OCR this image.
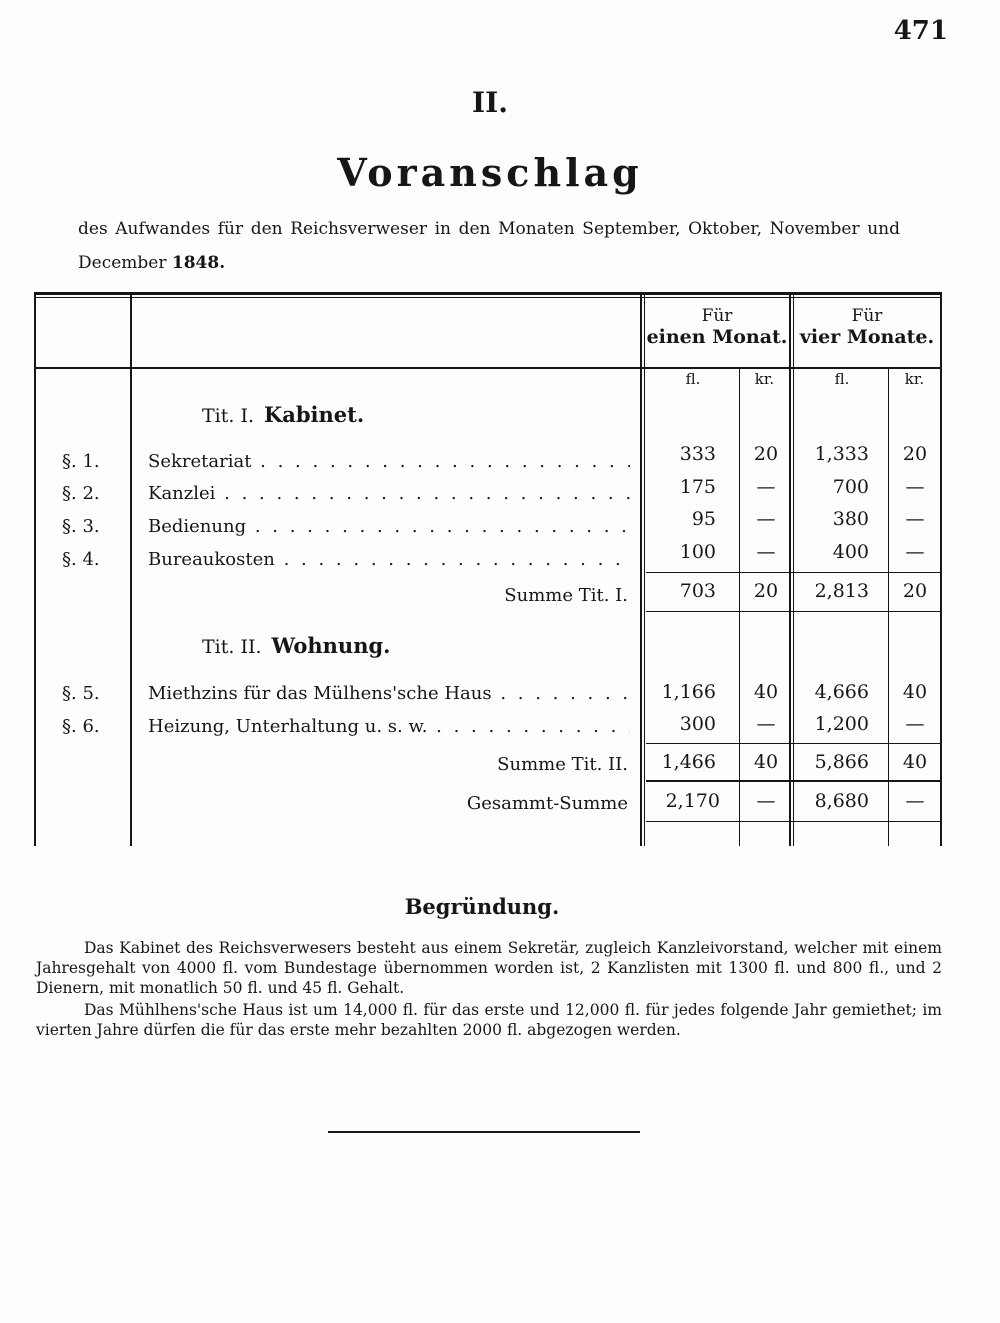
471
II.
Voranschlag
des Aufwandes für den Reichsverweser in den Monaten September, Oktober, November und December 1848.
Für
einen Monat.
Für
vier Monate.
fl.	kr.	fl.	kr.
Tit. I. Kabinet.
§. 1.	Sekretariat . . .	333	20	1,333	20
§. 2.	Kanzlei . . .	175	—	700	—
§. 3.	Bedienung . . .	95	—	380	—
§. 4.	Bureaukosten . . .	100	—	400	—
Summe Tit. I.	703	20	2,813	20
Tit. II. Wohnung.
§. 5.	Miethzins für das Mülhens'sche Haus . . .	1,166	40	4,666	40
§. 6.	Heizung, Unterhaltung u. s. w. . . .	300	—	1,200	—
Summe Tit. II.	1,466	40	5,866	40
Gesammt-Summe	2,170	—	8,680	—
Begründung.
Das Kabinet des Reichsverwesers besteht aus einem Sekretär, zugleich Kanzleivorstand, welcher mit einem Jahresgehalt von 4000 fl. vom Bundestage übernommen worden ist, 2 Kanzlisten mit 1300 fl. und 800 fl., und 2 Dienern, mit monatlich 50 fl. und 45 fl. Gehalt.
Das Mühlhens'sche Haus ist um 14,000 fl. für das erste und 12,000 fl. für jedes folgende Jahr gemiethet; im vierten Jahre dürfen die für das erste mehr bezahlten 2000 fl. abgezogen werden.
